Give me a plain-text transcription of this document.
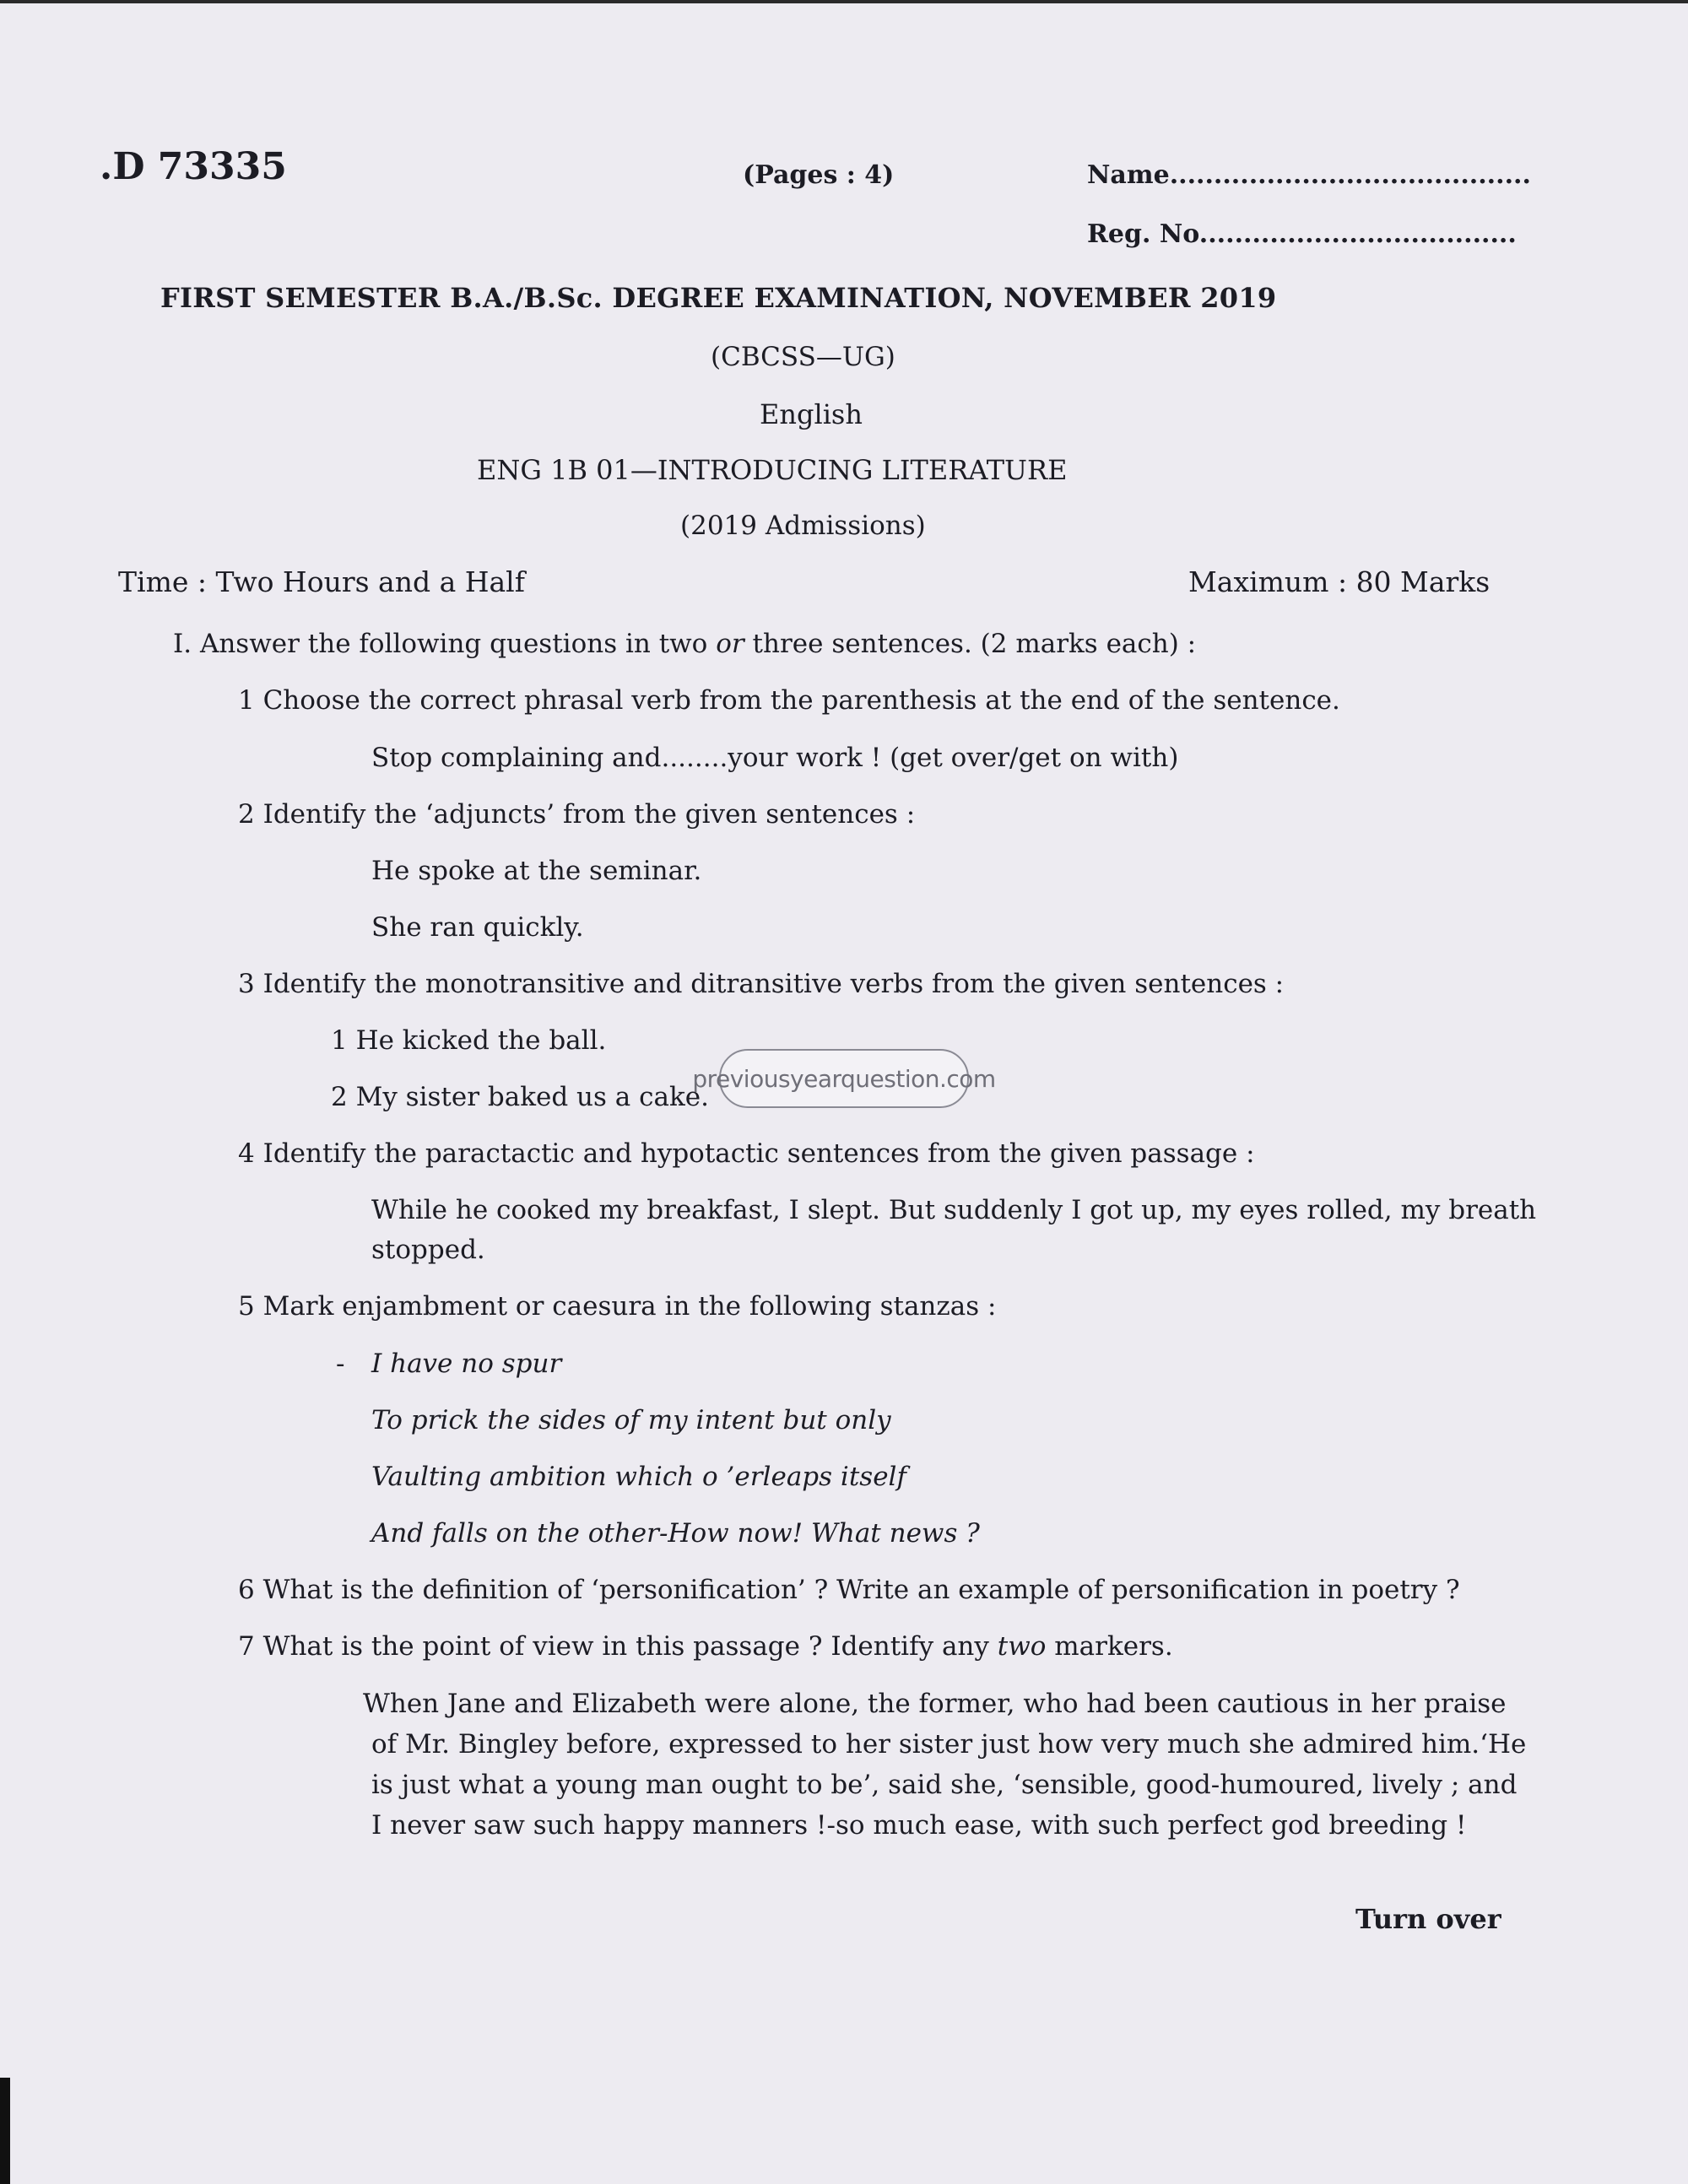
.D 73335	(Pages : 4)	Name.........................................
Reg. No....................................
FIRST SEMESTER B.A./B.Sc. DEGREE EXAMINATION, NOVEMBER 2019
(CBCSS—UG)
English
ENG 1B 01—INTRODUCING LITERATURE
(2019 Admissions)
Time : Two Hours and a Half	Maximum : 80 Marks
I. Answer the following questions in two or three sentences. (2 marks each) :
1 Choose the correct phrasal verb from the parenthesis at the end of the sentence.
Stop complaining and........your work ! (get over/get on with)
2 Identify the ‘adjuncts’ from the given sentences :
He spoke at the seminar.
She ran quickly.
3 Identify the monotransitive and ditransitive verbs from the given sentences :
1 He kicked the ball.
2 My sister baked us a cake.
previousyearquestion.com
4 Identify the paractactic and hypotactic sentences from the given passage :
While he cooked my breakfast, I slept. But suddenly I got up, my eyes rolled, my breath
stopped.
5 Mark enjambment or caesura in the following stanzas :
- I have no spur
To prick the sides of my intent but only
Vaulting ambition which o ’erleaps itself
And falls on the other-How now! What news ?
6 What is the definition of ‘personification’ ? Write an example of personification in poetry ?
7 What is the point of view in this passage ? Identify any two markers.
When Jane and Elizabeth were alone, the former, who had been cautious in her praise
of Mr. Bingley before, expressed to her sister just how very much she admired him.‘He
is just what a young man ought to be’, said she, ‘sensible, good-humoured, lively ; and
I never saw such happy manners !-so much ease, with such perfect god breeding !
Turn over
